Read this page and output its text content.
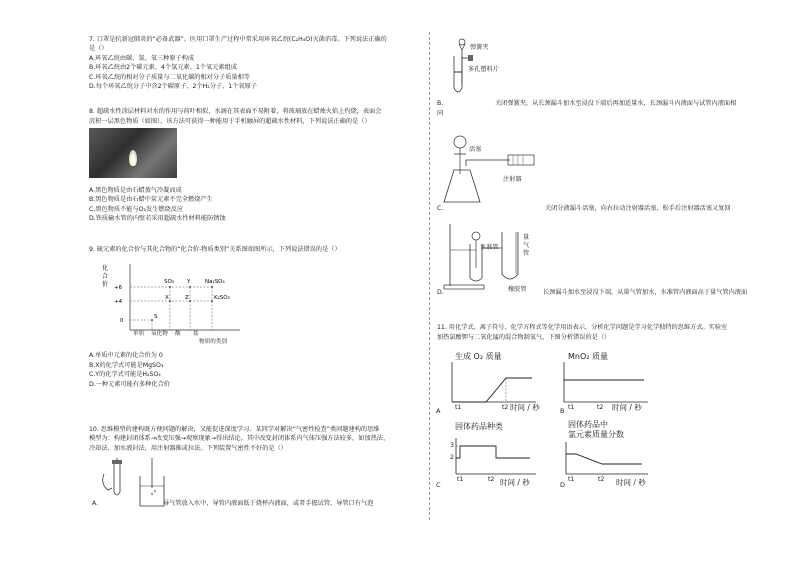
7. 口罩是抗新冠肺炎的“必备武器”。医用口罩生产过程中常采用环氧乙烷(C₂H₄O)灭菌消毒。下列说法正确的
是（）
A.环氧乙烷由碳、氢、氧三种原子构成
B.环氧乙烷由2个碳元素、4个氢元素、1个氧元素组成
C.环氧乙烷的相对分子质量与二氧化碳的相对分子质量相等
D.每个环氧乙烷分子中含2个碳原子、2个H₂分子、1个氧原子
8. 超疏水性涂层材料对水的作用与荷叶相似，水滴在其表面不易附着，将玻璃放在蜡烛火焰上灼烧，表面会
沉积一层黑色物质（如图），该方法可获得一种能用于手机触屏的超疏水性材料，下列说法正确的是（）
A.黑色物质是由石蜡蒸气冷凝而成
B.黑色物质是由石蜡中炭元素不完全燃烧产生
C.黑色物质不能与O₂发生燃烧反应
D.铁质输水管的内壁若采用超疏水性材料能防锈蚀
9. 硫元素的化合价与其化合物的“化合价-物质类别”关系图如图所示，下列说法错误的是（）
化
合
价 +6
+4
0
SO₃ Y	Na₂SO₄
X	Z	K₂SO₃
S
单质 氧化物 酸 盐
物质的类别
A.单质中元素的化合价为 0
B.X的化学式可能是MgSO₃
C.Y的化学式可能是H₂SO₄
D.一种元素可能有多种化合价
10. 思维模型的建构既方便问题的解决，又能促进深度学习。某同学对解决“气密性检查”类问题建构的思维
模型为：构建封闭体系→改变压强→观察现象→得出结论。其中改变封闭体系内气体压强方法较多，如加热法、
冷却法、加水液封法、用注射器推或拉法。下列装置气密性不好的是（）
A.	导气管放入水中，导管内液面低于烧杯内液面，或者手握试管，导管口有气泡
弹簧夹
多孔塑料片
B.	关闭弹簧夹，从长颈漏斗加水至浸没下端后再加适量水，长颈漏斗内液面与试管内液面相
同
活塞
注射器
C.	关闭分液漏斗活塞，向右拉动注射器活塞，松手后注射器活塞又复回
水准管
量
气
管
橡胶管
D.	长颈漏斗加水至浸没下端，从量气管加水，水准管内液面高于量气管内液面
11. 用化学式、离子符号、化学方程式等化学用语表示，分析化学问题是学习化学独特的思维方式。实验室
加热氯酸钾与二氧化锰的混合物制氧气，下图分析错误的是（）
生成 O₂ 质量
t1	t2 时间 / 秒
A
MnO₂ 质量
t1	t2 时间 / 秒
B
固体药品种类
3
2
t1	t2 时间 / 秒
C
固体药品中
氯元素质量分数
t1	t2 时间 / 秒
D
